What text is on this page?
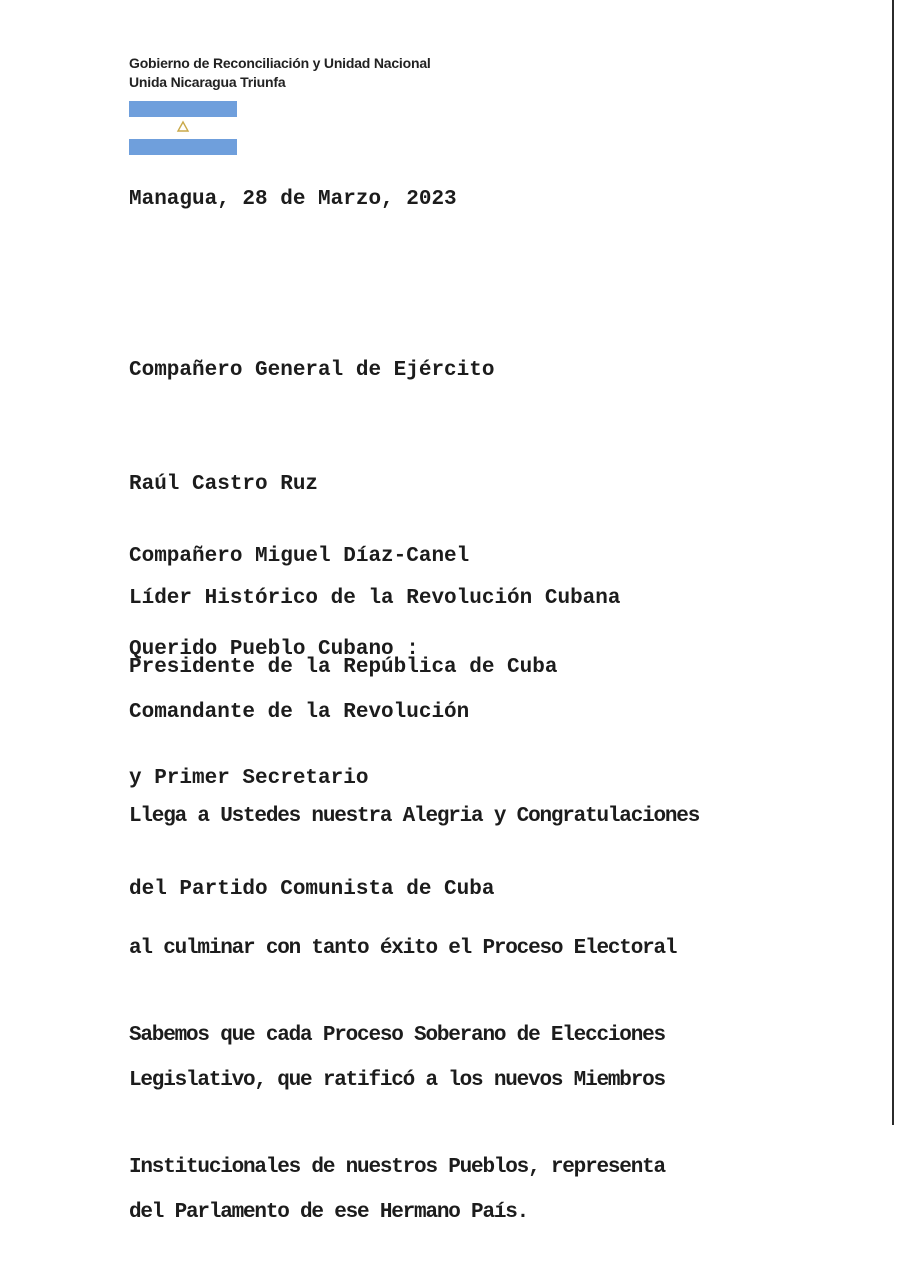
Gobierno de Reconciliación y Unidad Nacional
Unida Nicaragua Triunfa
Managua, 28 de Marzo, 2023

Compañero General de Ejército

Raúl Castro Ruz

Líder Histórico de la Revolución Cubana

Comandante de la Revolución

Compañero Miguel Díaz-Canel

Presidente de la República de Cuba

y Primer Secretario

del Partido Comunista de Cuba

Querido Pueblo Cubano :

Llega a Ustedes nuestra Alegria y Congratulaciones

al culminar con tanto éxito el Proceso Electoral

Legislativo, que ratificó a los nuevos Miembros

del Parlamento de ese Hermano País.

Sabemos que cada Proceso Soberano de Elecciones

Institucionales de nuestros Pueblos, representa
